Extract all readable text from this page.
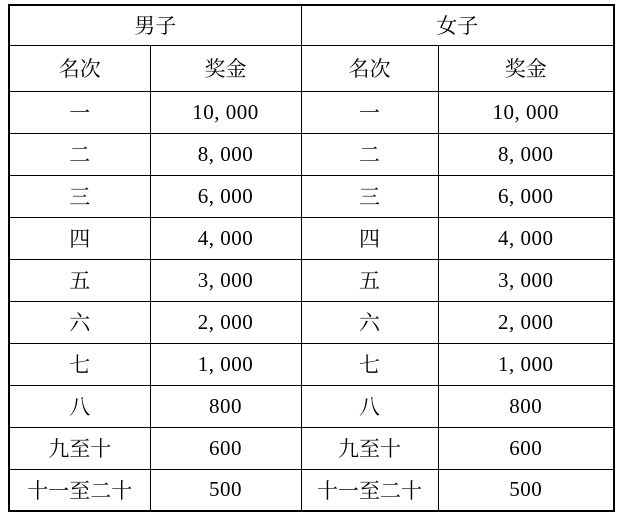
男子		女子	
名次	奖金	名次	奖金
一	10, 000	一	10, 000
二	8, 000	二	8, 000
三	6, 000	三	6, 000
四	4, 000	四	4, 000
五	3, 000	五	3, 000
六	2, 000	六	2, 000
七	1, 000	七	1, 000
八	800	八	800
九至十	600	九至十	600
十一至二十	500	十一至二十	500
